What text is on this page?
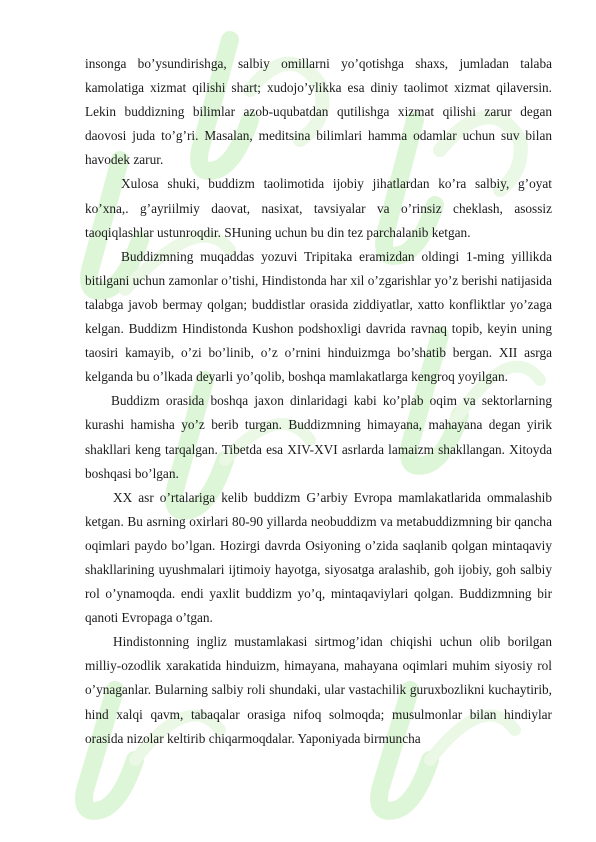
insonga bo’ysundirishga, salbiy omillarni yo’qotishga shaxs, jumladan talaba kamolatiga xizmat qilishi shart; xudojo’ylikka esa diniy taolimot xizmat qilaversin. Lekin buddizning bilimlar azob-uqubatdan qutilishga xizmat qilishi zarur degan daovosi juda to’g’ri. Masalan, meditsina bilimlari hamma odamlar uchun suv bilan havodek zarur.

Xulosa shuki, buddizm taolimotida ijobiy jihatlardan ko’ra salbiy, g’oyat ko’xna,. g’ayriilmiy daovat, nasixat, tavsiyalar va o’rinsiz cheklash, asossiz taoqiqlashlar ustunroqdir. SHuning uchun bu din tez parchalanib ketgan.

Buddizmning muqaddas yozuvi Tripitaka eramizdan oldingi 1-ming yillikda bitilgani uchun zamonlar o’tishi, Hindistonda har xil o’zgarishlar yo’z berishi natijasida talabga javob bermay qolgan; buddistlar orasida ziddiyatlar, xatto konfliktlar yo’zaga kelgan. Buddizm Hindistonda Kushon podshoxligi davrida ravnaq topib, keyin uning taosiri kamayib, o’zi bo’linib, o’z o’rnini hinduizmga bo’shatib bergan. XII asrga kelganda bu o’lkada deyarli yo’qolib, boshqa mamlakatlarga kengroq yoyilgan.

Buddizm orasida boshqa jaxon dinlaridagi kabi ko’plab oqim va sektorlarning kurashi hamisha yo’z berib turgan. Buddizmning himayana, mahayana degan yirik shakllari keng tarqalgan. Tibetda esa XIV-XVI asrlarda lamaizm shakllangan. Xitoyda boshqasi bo’lgan.

XX asr o’rtalariga kelib buddizm G’arbiy Evropa mamlakatlarida ommalashib ketgan. Bu asrning oxirlari 80-90 yillarda neobuddizm va metabuddizmning bir qancha oqimlari paydo bo’lgan. Hozirgi davrda Osiyoning o’zida saqlanib qolgan mintaqaviy shakllarining uyushmalari ijtimoiy hayotga, siyosatga aralashib, goh ijobiy, goh salbiy rol o’ynamoqda. endi yaxlit buddizm yo’q, mintaqaviylari qolgan. Buddizmning bir qanoti Evropaga o’tgan.

Hindistonning ingliz mustamlakasi sirtmog’idan chiqishi uchun olib borilgan milliy-ozodlik xarakatida hinduizm, himayana, mahayana oqimlari muhim siyosiy rol o’ynaganlar. Bularning salbiy roli shundaki, ular vastachilik guruxbozlikni kuchaytirib, hind xalqi qavm, tabaqalar orasiga nifoq solmoqda; musulmonlar bilan hindiylar orasida nizolar keltirib chiqarmoqdalar. Yaponiyada birmuncha
